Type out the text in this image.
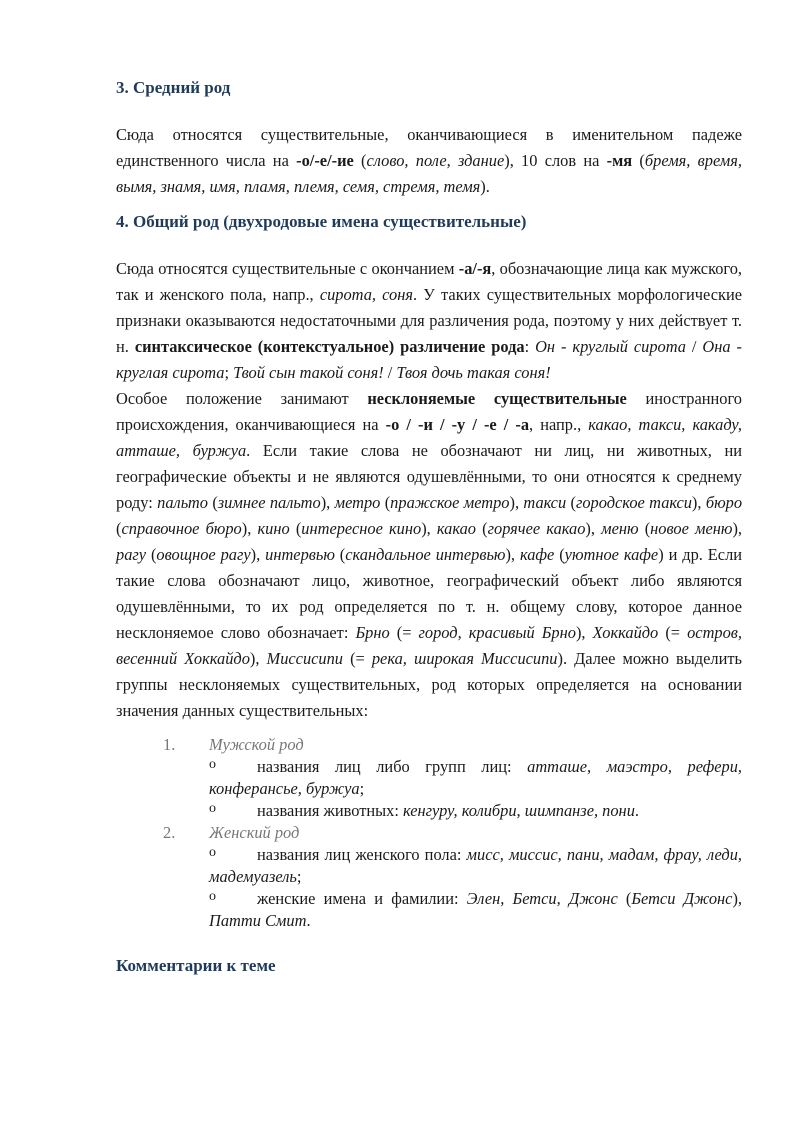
3. Средний род

Сюда относятся существительные, оканчивающиеся в именительном падеже единственного числа на -о/-е/-ие (слово, поле, здание), 10 слов на -мя (бремя, время, вымя, знамя, имя, пламя, племя, семя, стремя, темя).

4. Общий род (двухродовые имена существительные)

Сюда относятся существительные с окончанием -а/-я, обозначающие лица как мужского, так и женского пола, напр., сирота, соня. У таких существительных морфологические признаки оказываются недостаточными для различения рода, поэтому у них действует т. н. синтаксическое (контекстуальное) различение рода: Он - круглый сирота / Она - круглая сирота; Твой сын такой соня! / Твоя дочь такая соня!

Особое положение занимают несклоняемые существительные иностранного происхождения, оканчивающиеся на -о / -и / -у / -е / -а, напр., какао, такси, какаду, атташе, буржуа. Если такие слова не обозначают ни лиц, ни животных, ни географические объекты и не являются одушевлёнными, то они относятся к среднему роду: пальто (зимнее пальто), метро (пражское метро), такси (городское такси), бюро (справочное бюро), кино (интересное кино), какао (горячее какао), меню (новое меню), рагу (овощное рагу), интервью (скандальное интервью), кафе (уютное кафе) и др. Если такие слова обозначают лицо, животное, географический объект либо являются одушевлёнными, то их род определяется по т. н. общему слову, которое данное несклоняемое слово обозначает: Брно (= город, красивый Брно), Хоккайдо (= остров, весенний Хоккайдо), Миссисипи (= река, широкая Миссисипи). Далее можно выделить группы несклоняемых существительных, род которых определяется на основании значения данных существительных:

1. Мужской род
o	названия лиц либо групп лиц: атташе, маэстро, рефери, конферансье, буржуа;
o	названия животных: кенгуру, колибри, шимпанзе, пони.
2. Женский род
o	названия лиц женского пола: мисс, миссис, пани, мадам, фрау, леди, мадемуазель;
o	женские имена и фамилии: Элен, Бетси, Джонс (Бетси Джонс), Патти Смит.
Комментарии к теме
